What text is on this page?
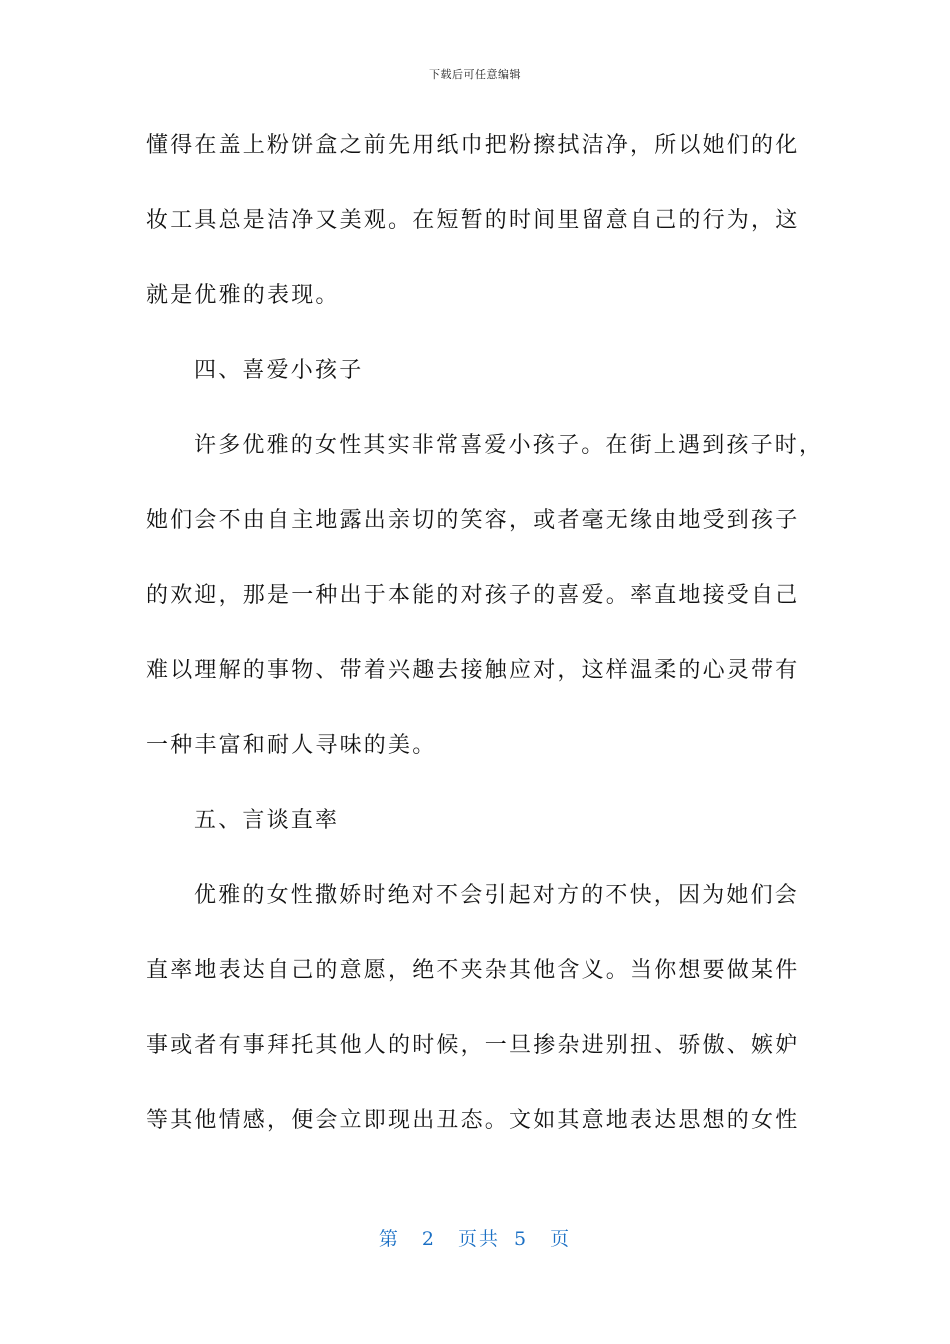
下载后可任意编辑
懂得在盖上粉饼盒之前先用纸巾把粉擦拭洁净，所以她们的化
妆工具总是洁净又美观。在短暂的时间里留意自己的行为，这
就是优雅的表现。
四、喜爱小孩子
许多优雅的女性其实非常喜爱小孩子。在街上遇到孩子时，
她们会不由自主地露出亲切的笑容，或者毫无缘由地受到孩子
的欢迎，那是一种出于本能的对孩子的喜爱。率直地接受自己
难以理解的事物、带着兴趣去接触应对，这样温柔的心灵带有
一种丰富和耐人寻味的美。
五、言谈直率
优雅的女性撒娇时绝对不会引起对方的不快，因为她们会
直率地表达自己的意愿，绝不夹杂其他含义。当你想要做某件
事或者有事拜托其他人的时候，一旦掺杂进别扭、骄傲、嫉妒
等其他情感，便会立即现出丑态。文如其意地表达思想的女性
第 2 页共 5 页
